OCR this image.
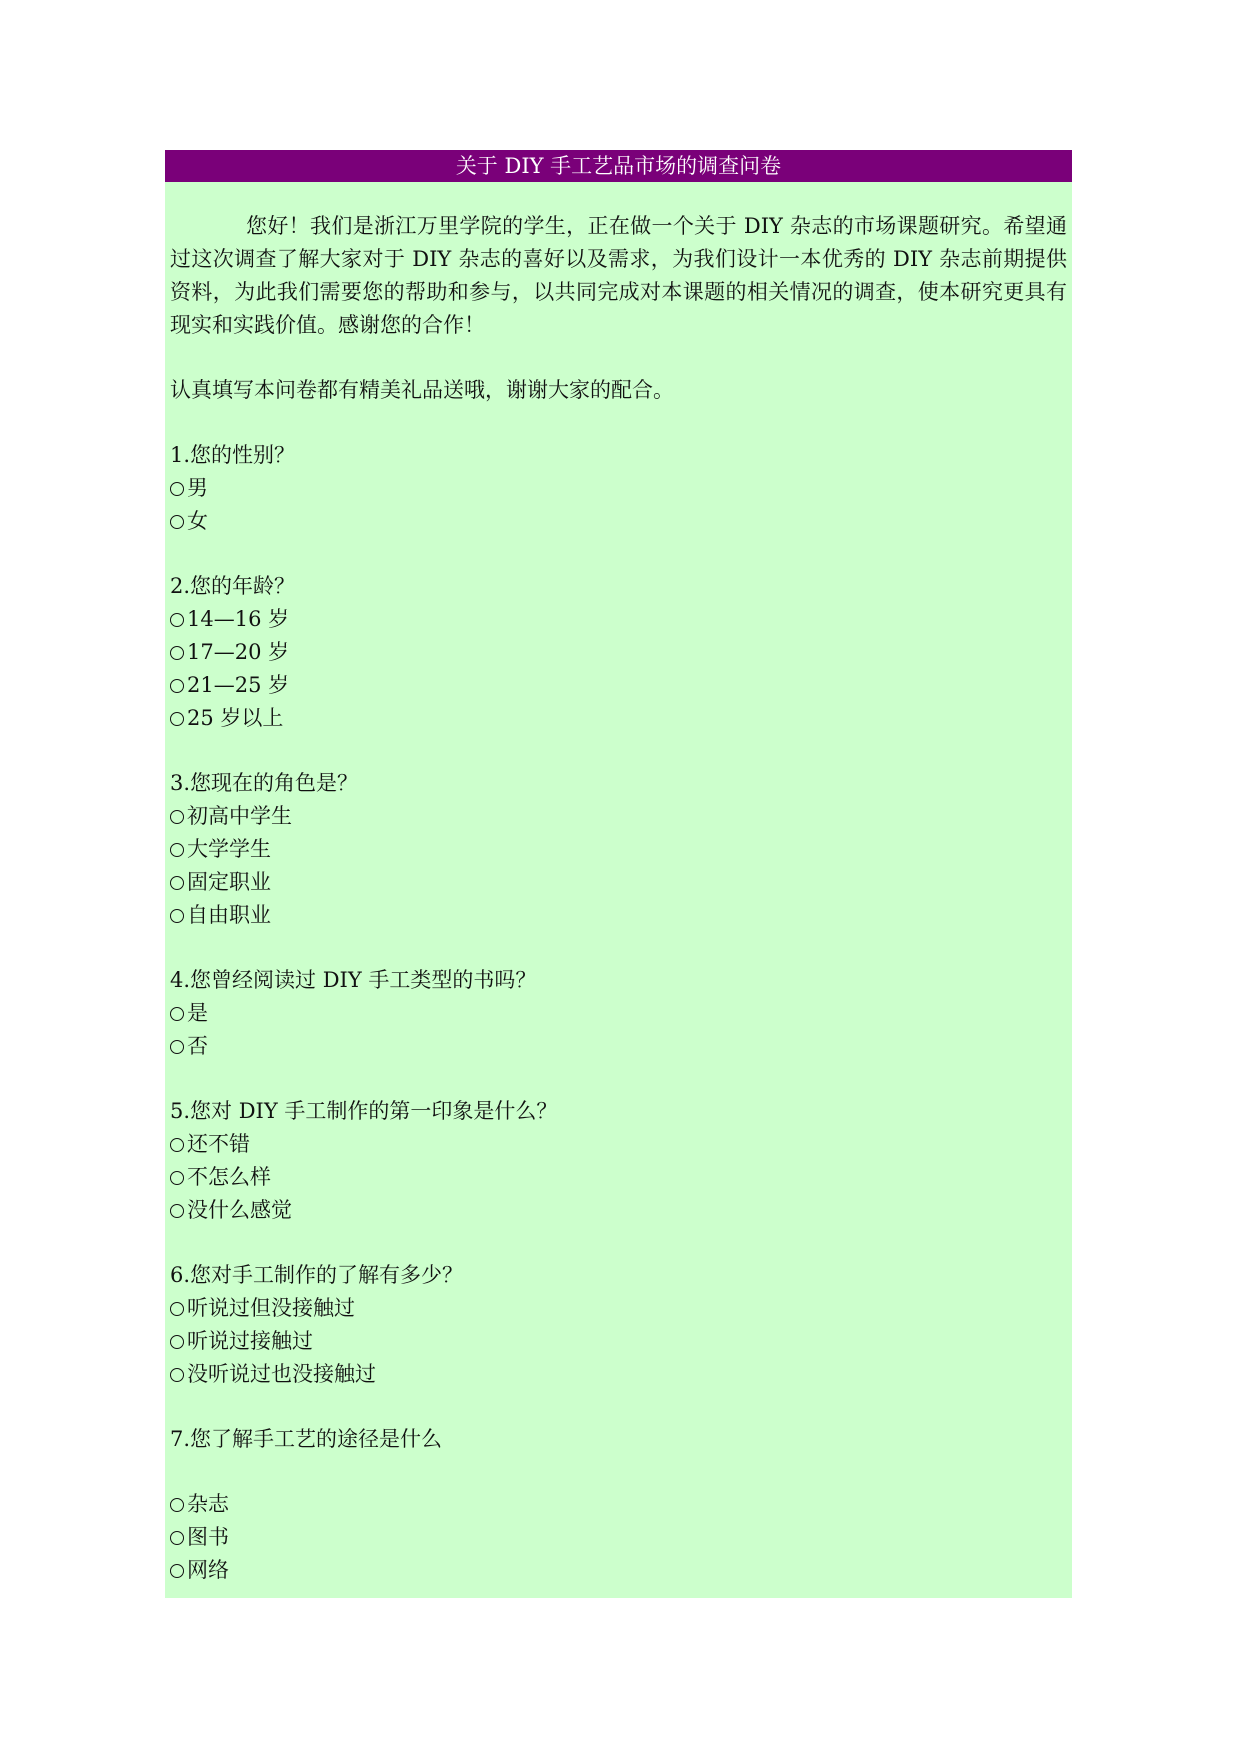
关于 DIY 手工艺品市场的调查问卷

您好！我们是浙江万里学院的学生，正在做一个关于 DIY 杂志的市场课题研究。希望通过这次调查了解大家对于 DIY 杂志的喜好以及需求，为我们设计一本优秀的 DIY 杂志前期提供资料，为此我们需要您的帮助和参与，以共同完成对本课题的相关情况的调查，使本研究更具有现实和实践价值。感谢您的合作！

认真填写本问卷都有精美礼品送哦，谢谢大家的配合。

1.您的性别？
男
女
2.您的年龄？
14—16 岁
17—20 岁
21—25 岁
25 岁以上
3.您现在的角色是？
初高中学生
大学学生
固定职业
自由职业
4.您曾经阅读过 DIY 手工类型的书吗？
是
否
5.您对 DIY 手工制作的第一印象是什么？
还不错
不怎么样
没什么感觉
6.您对手工制作的了解有多少？
听说过但没接触过
听说过接触过
没听说过也没接触过
7.您了解手工艺的途径是什么
杂志
图书
网络
